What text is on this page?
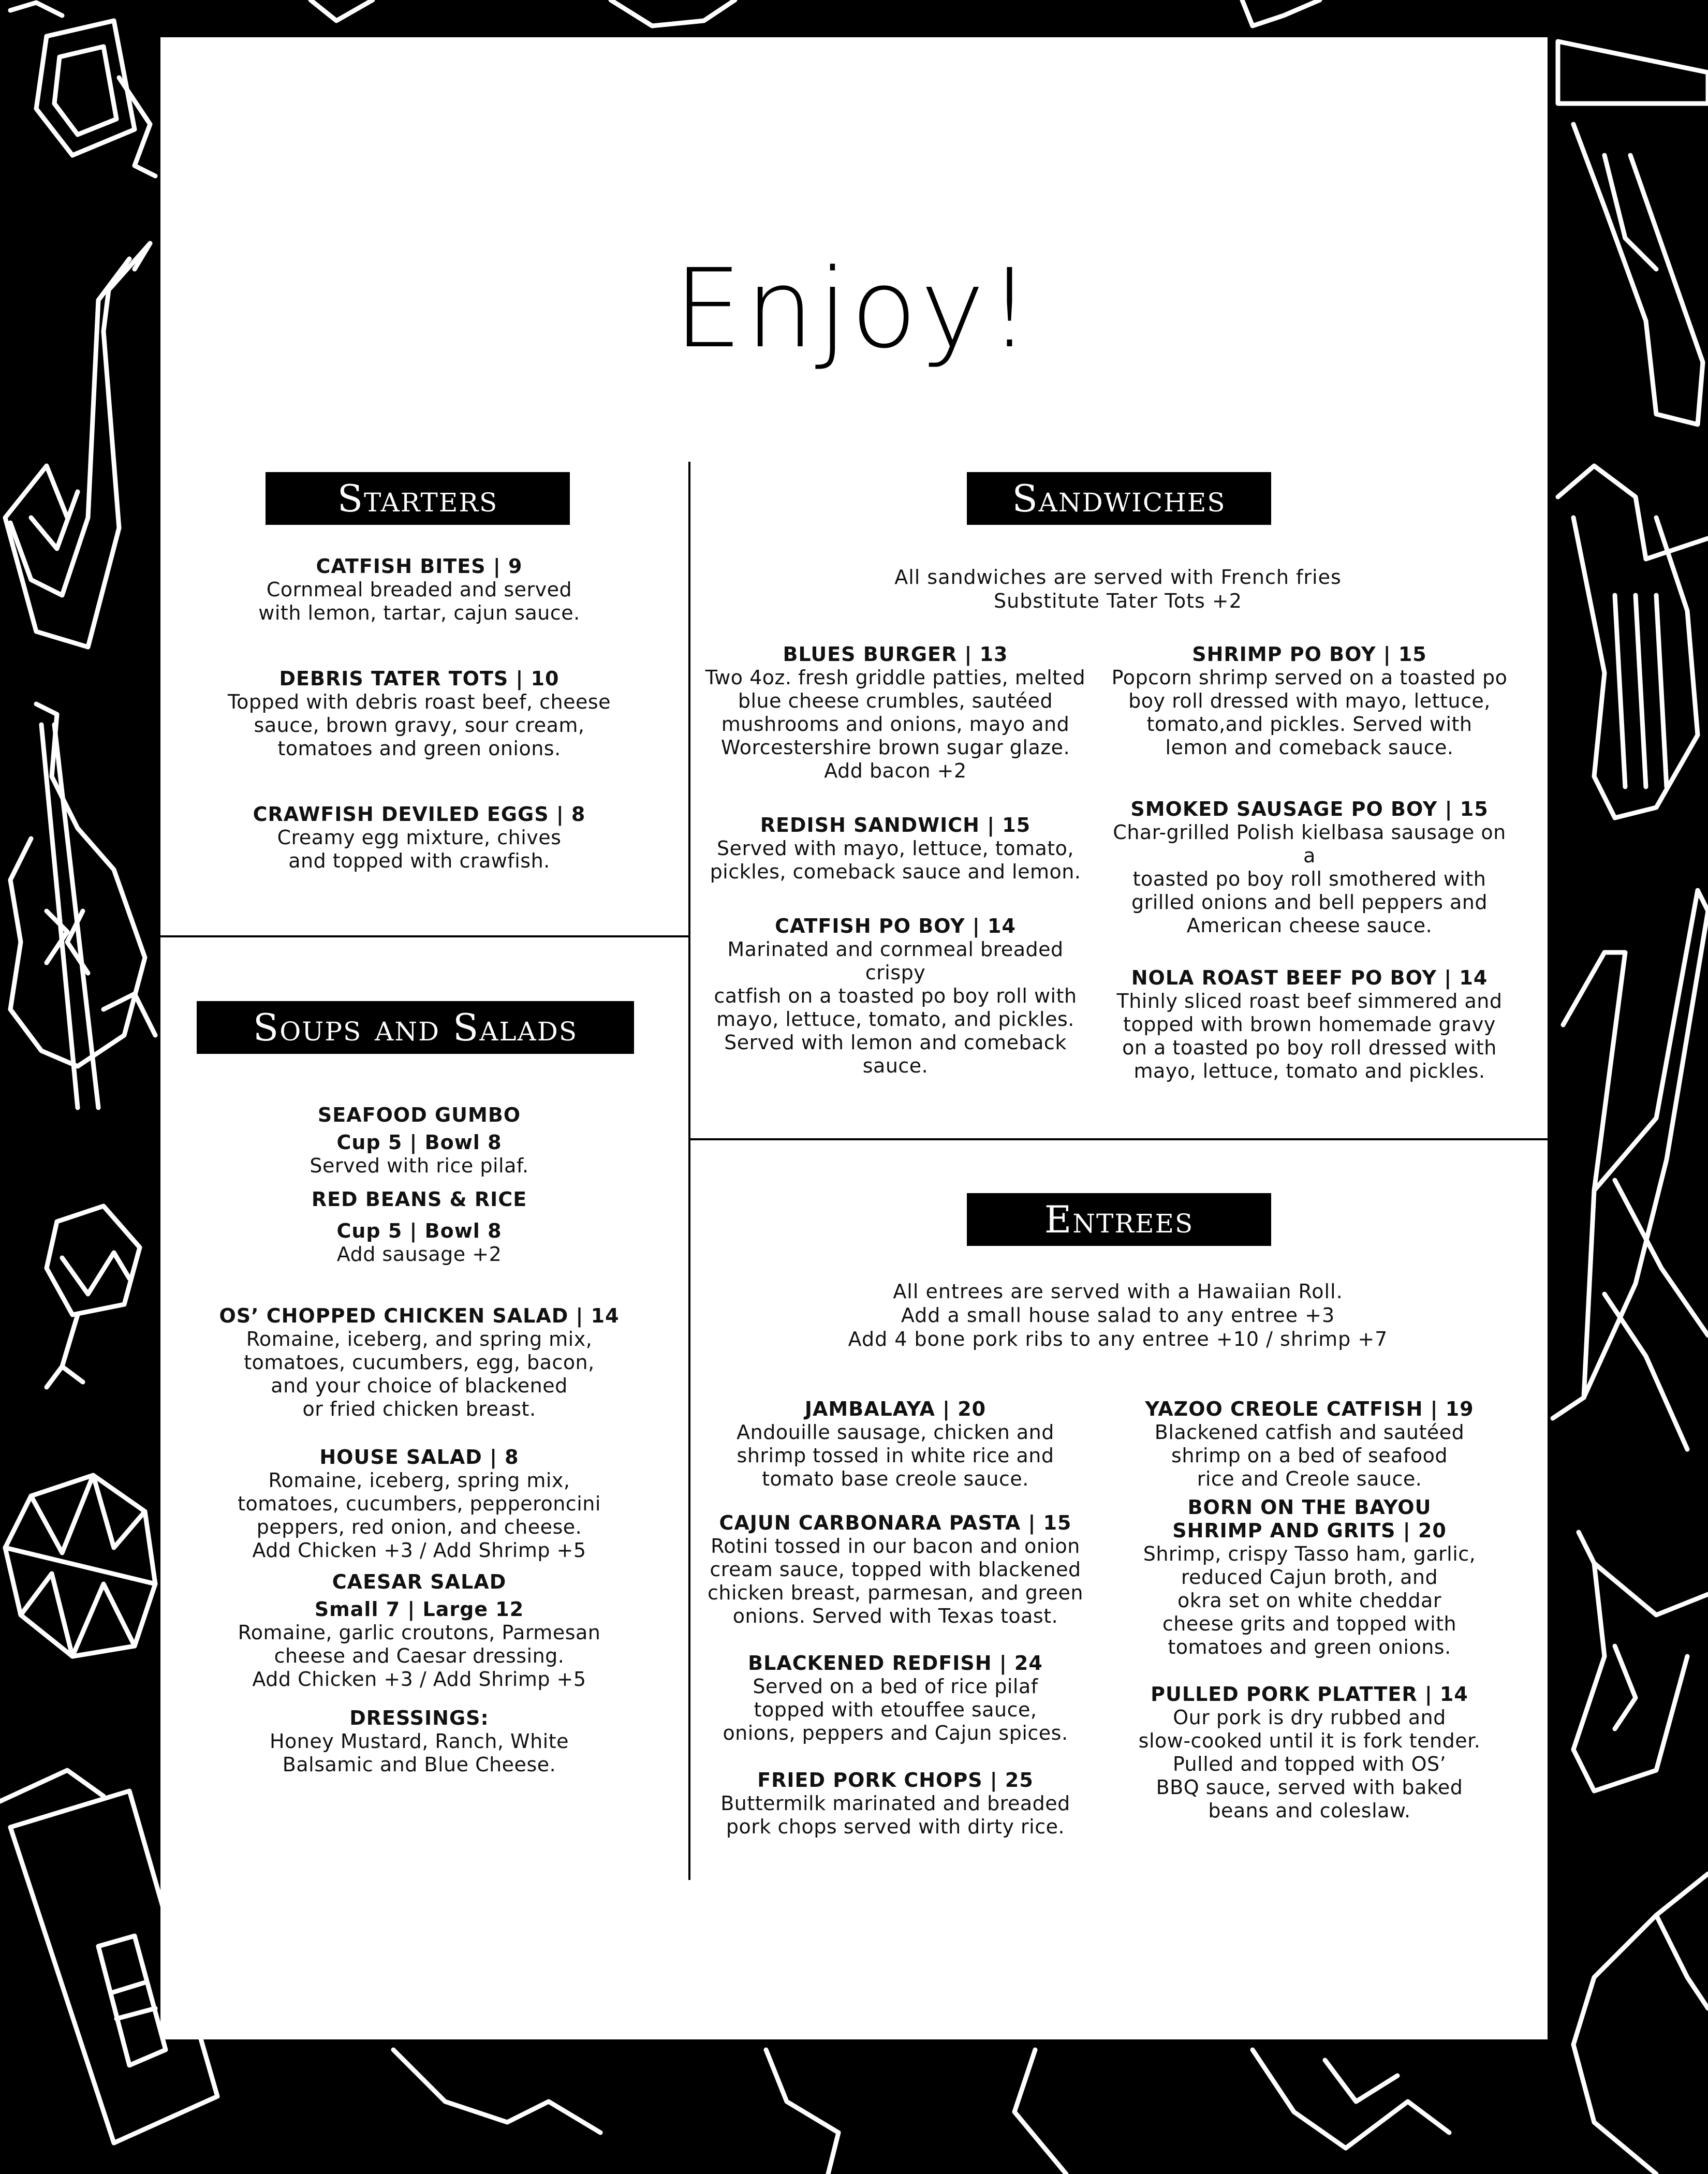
Enjoy!
Starters
CATFISH BITES | 9
Cornmeal breaded and served
with lemon, tartar, cajun sauce.
DEBRIS TATER TOTS | 10
Topped with debris roast beef, cheese
sauce, brown gravy, sour cream,
tomatoes and green onions.
CRAWFISH DEVILED EGGS | 8
Creamy egg mixture, chives
and topped with crawfish.
Soups and Salads
SEAFOOD GUMBO
Cup 5 | Bowl 8
Served with rice pilaf.
RED BEANS & RICE
Cup 5 | Bowl 8
Add sausage +2
OS’ CHOPPED CHICKEN SALAD | 14
Romaine, iceberg, and spring mix,
tomatoes, cucumbers, egg, bacon,
and your choice of blackened
or fried chicken breast.
HOUSE SALAD | 8
Romaine, iceberg, spring mix,
tomatoes, cucumbers, pepperoncini
peppers, red onion, and cheese.
Add Chicken +3 / Add Shrimp +5
CAESAR SALAD
Small 7 | Large 12
Romaine, garlic croutons, Parmesan
cheese and Caesar dressing.
Add Chicken +3 / Add Shrimp +5
DRESSINGS:
Honey Mustard, Ranch, White
Balsamic and Blue Cheese.
Sandwiches
All sandwiches are served with French fries
Substitute Tater Tots +2
BLUES BURGER | 13
Two 4oz. fresh griddle patties, melted
blue cheese crumbles, sautéed
mushrooms and onions, mayo and
Worcestershire brown sugar glaze.
Add bacon +2
REDISH SANDWICH | 15
Served with mayo, lettuce, tomato,
pickles, comeback sauce and lemon.
CATFISH PO BOY | 14
Marinated and cornmeal breaded crispy
catfish on a toasted po boy roll with
mayo, lettuce, tomato, and pickles.
Served with lemon and comeback sauce.
SHRIMP PO BOY | 15
Popcorn shrimp served on a toasted po
boy roll dressed with mayo, lettuce,
tomato,and pickles. Served with
lemon and comeback sauce.
SMOKED SAUSAGE PO BOY | 15
Char-grilled Polish kielbasa sausage on a
toasted po boy roll smothered with
grilled onions and bell peppers and
American cheese sauce.
NOLA ROAST BEEF PO BOY | 14
Thinly sliced roast beef simmered and
topped with brown homemade gravy
on a toasted po boy roll dressed with
mayo, lettuce, tomato and pickles.
Entrees
All entrees are served with a Hawaiian Roll.
Add a small house salad to any entree +3
Add 4 bone pork ribs to any entree +10 / shrimp +7
JAMBALAYA | 20
Andouille sausage, chicken and
shrimp tossed in white rice and
tomato base creole sauce.
CAJUN CARBONARA PASTA | 15
Rotini tossed in our bacon and onion
cream sauce, topped with blackened
chicken breast, parmesan, and green
onions. Served with Texas toast.
BLACKENED REDFISH | 24
Served on a bed of rice pilaf
topped with etouffee sauce,
onions, peppers and Cajun spices.
FRIED PORK CHOPS | 25
Buttermilk marinated and breaded
pork chops served with dirty rice.
YAZOO CREOLE CATFISH | 19
Blackened catfish and sautéed
shrimp on a bed of seafood
rice and Creole sauce.
BORN ON THE BAYOU
SHRIMP AND GRITS | 20
Shrimp, crispy Tasso ham, garlic,
reduced Cajun broth, and
okra set on white cheddar
cheese grits and topped with
tomatoes and green onions.
PULLED PORK PLATTER | 14
Our pork is dry rubbed and
slow-cooked until it is fork tender.
Pulled and topped with OS’
BBQ sauce, served with baked
beans and coleslaw.
